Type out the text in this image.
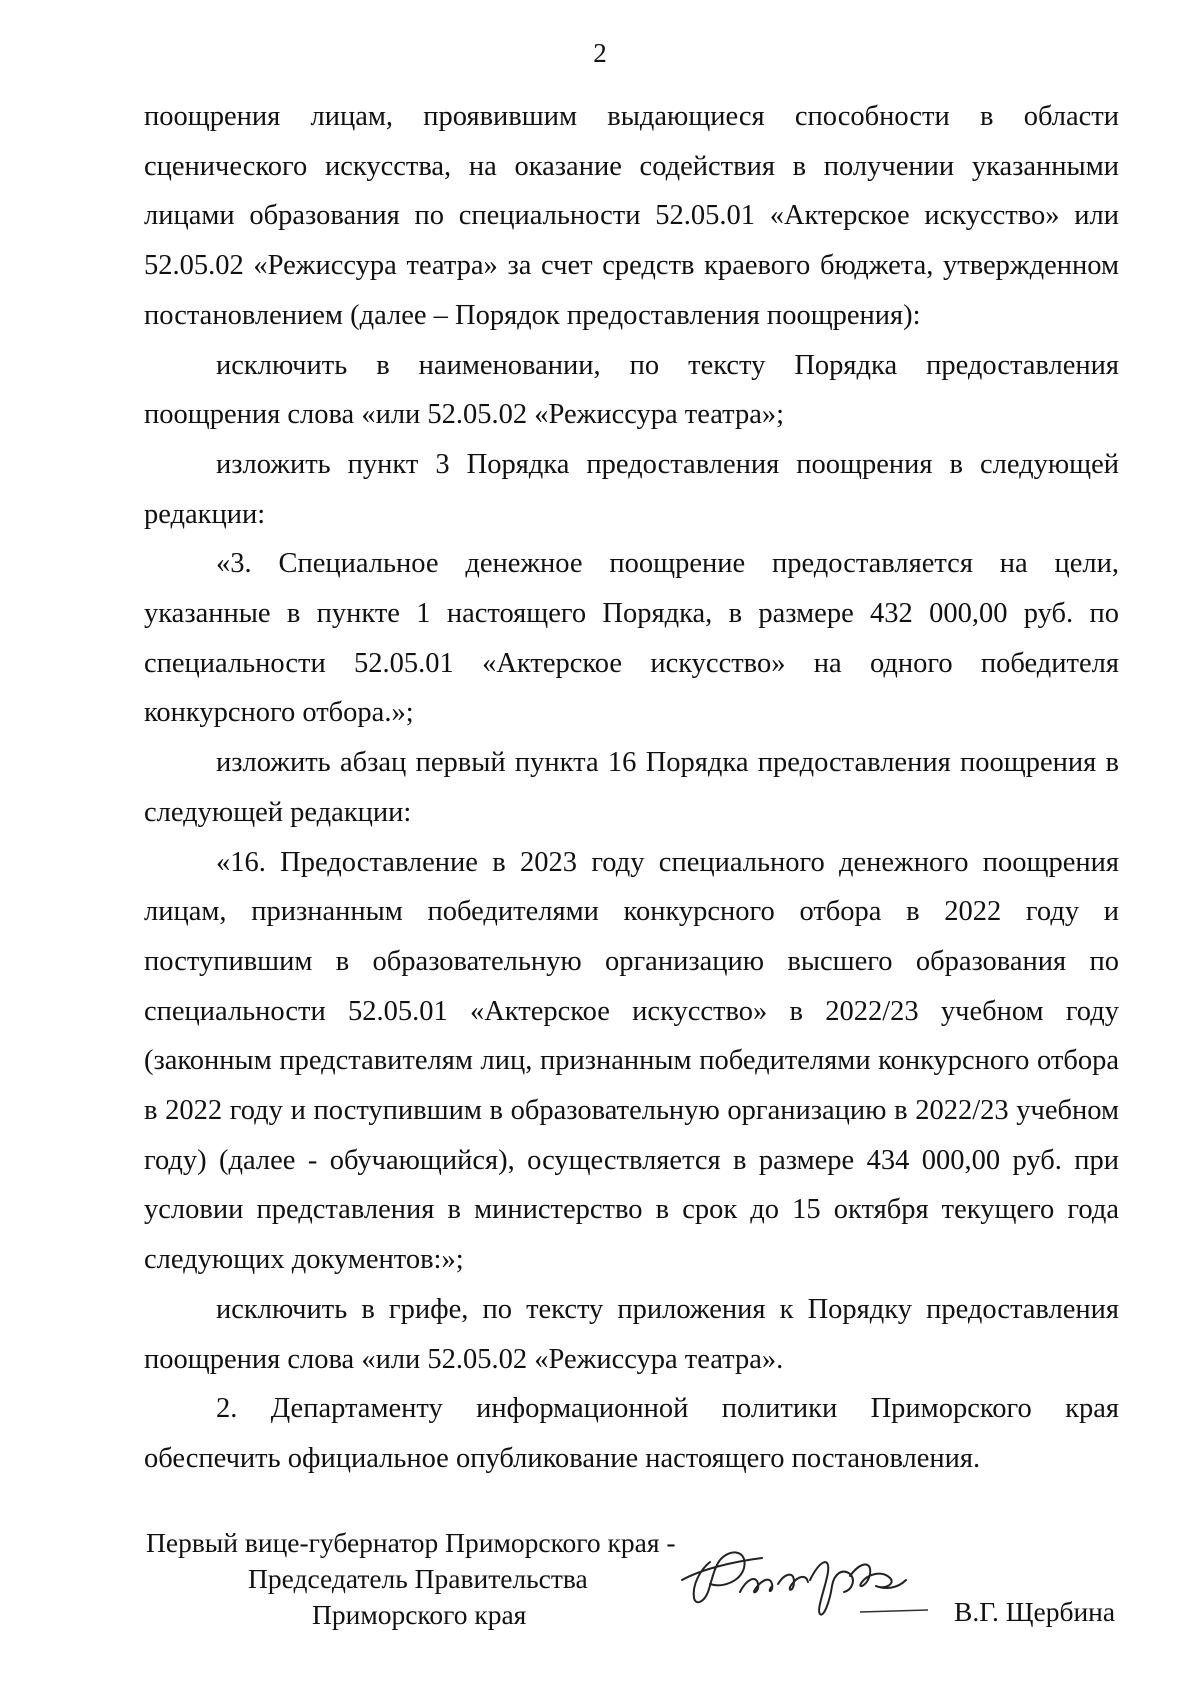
2

поощрения лицам, проявившим выдающиеся способности в области сценического искусства, на оказание содействия в получении указанными лицами образования по специальности 52.05.01 «Актерское искусство» или 52.05.02 «Режиссура театра» за счет средств краевого бюджета, утвержденном постановлением (далее – Порядок предоставления поощрения):

исключить в наименовании, по тексту Порядка предоставления поощрения слова «или 52.05.02 «Режиссура театра»;

изложить пункт 3 Порядка предоставления поощрения в следующей редакции:

«3. Специальное денежное поощрение предоставляется на цели, указанные в пункте 1 настоящего Порядка, в размере 432 000,00 руб. по специальности 52.05.01 «Актерское искусство» на одного победителя конкурсного отбора.»;

изложить абзац первый пункта 16 Порядка предоставления поощрения в следующей редакции:

«16. Предоставление в 2023 году специального денежного поощрения лицам, признанным победителями конкурсного отбора в 2022 году и поступившим в образовательную организацию высшего образования по специальности 52.05.01 «Актерское искусство» в 2022/23 учебном году (законным представителям лиц, признанным победителями конкурсного отбора в 2022 году и поступившим в образовательную организацию в 2022/23 учебном году) (далее - обучающийся), осуществляется в размере 434 000,00 руб. при условии представления в министерство в срок до 15 октября текущего года следующих документов:»;

исключить в грифе, по тексту приложения к Порядку предоставления поощрения слова «или 52.05.02 «Режиссура театра».

2. Департаменту информационной политики Приморского края обеспечить официальное опубликование настоящего постановления.

Первый вице-губернатор Приморского края -
Председатель Правительства
Приморского края	В.Г. Щербина
